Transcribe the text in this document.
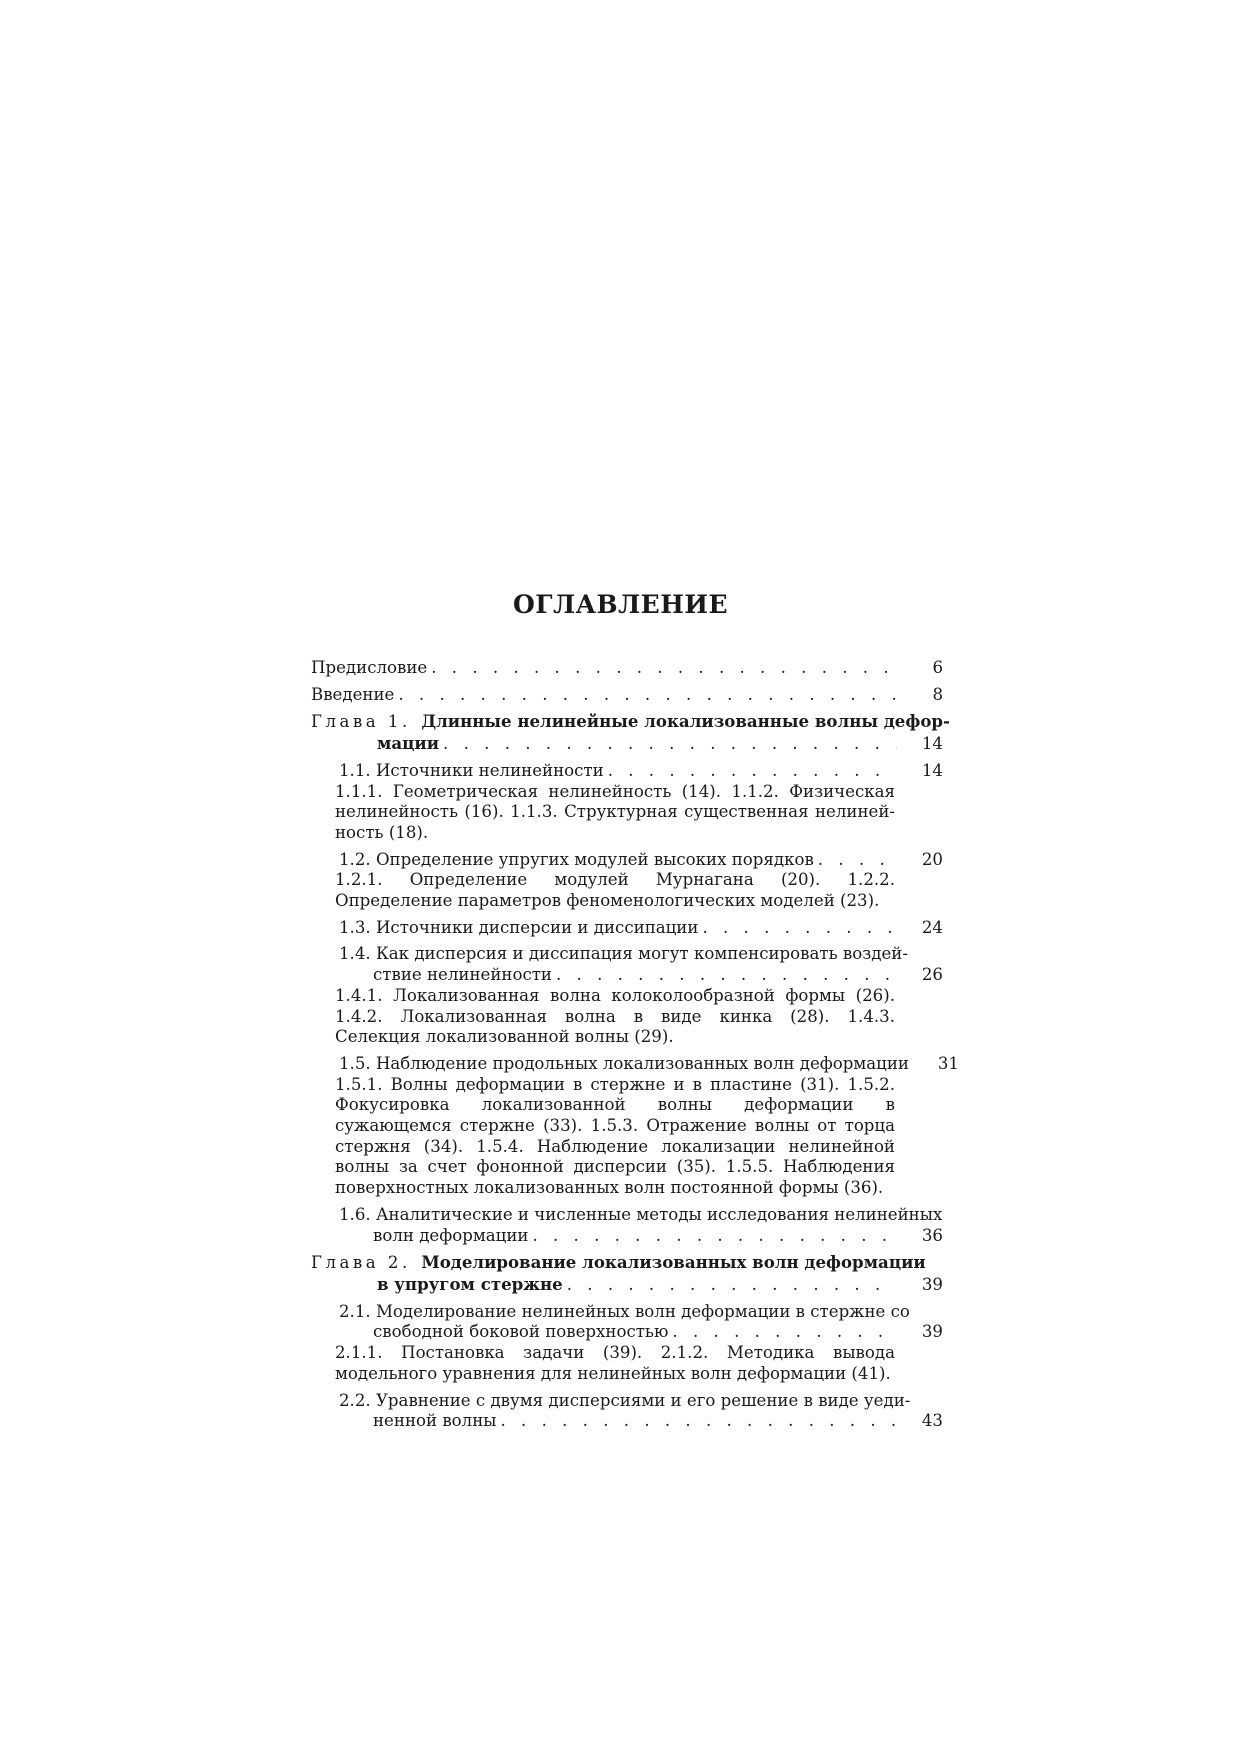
ОГЛАВЛЕНИЕ
Предисловие . . .	6
Введение . . .	8
Глава 1.
Длинные нелинейные локализованные волны дефор-
мации . . .	14
1.1. Источники нелинейности . . .	14
1.1.1. Геометрическая нелинейность (14). 1.1.2. Физическая нелинейность (16). 1.1.3. Структурная существенная нелиней-ность (18).
1.2. Определение упругих модулей высоких порядков . . .	20
1.2.1. Определение модулей Мурнагана (20). 1.2.2. Определение параметров феноменологических моделей (23).
1.3. Источники дисперсии и диссипации . . .	24
1.4. Как дисперсия и диссипация могут компенсировать воздей-
ствие нелинейности . . .	26
1.4.1. Локализованная волна колоколообразной формы (26). 1.4.2. Локализованная волна в виде кинка (28). 1.4.3. Селекция локализованной волны (29).
1.5. Наблюдение продольных локализованных волн деформации	31
1.5.1. Волны деформации в стержне и в пластине (31). 1.5.2. Фокусировка локализованной волны деформации в сужающемся стержне (33). 1.5.3. Отражение волны от торца стержня (34). 1.5.4. Наблюдение локализации нелинейной волны за счет фононной дисперсии (35). 1.5.5. Наблюдения поверхностных локализованных волн постоянной формы (36).
1.6. Аналитические и численные методы исследования нелинейных
волн деформации . . .	36
Глава 2.
Моделирование локализованных волн деформации
в упругом стержне . . .	39
2.1. Моделирование нелинейных волн деформации в стержне со
свободной боковой поверхностью . . .	39
2.1.1. Постановка задачи (39). 2.1.2. Методика вывода модельного уравнения для нелинейных волн деформации (41).
2.2. Уравнение с двумя дисперсиями и его решение в виде уеди-
ненной волны . . .	43
